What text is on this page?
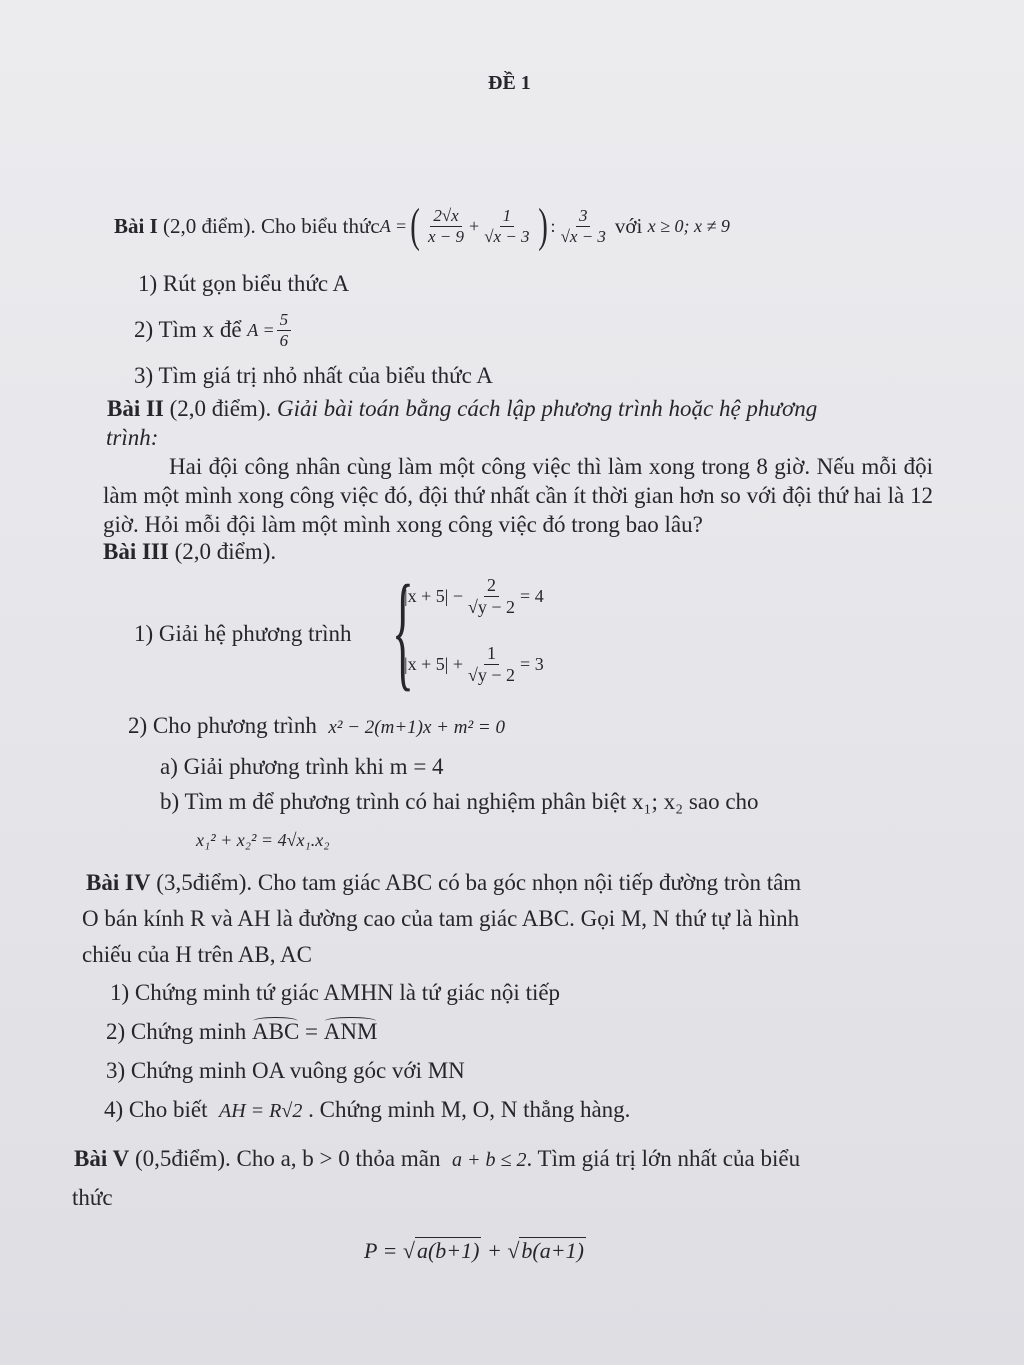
ĐỀ 1
Bài I
(2,0 điểm).
Cho biểu thức A = ( $\frac{2√x}{x - 9} + \frac{1}{√x - 3}$ ) : $\frac{3}{√x - 3}$ với
x ≥ 0; x ≠ 9
1) Rút gọn biểu thức A
2) Tìm x để
$A = \frac{5}{6}$
3) Tìm giá trị nhỏ nhất của biểu thức A
Bài II (2,0 điểm). Giải bài toán bằng cách lập phương trình hoặc hệ phương
trình:
Hai đội công nhân cùng làm một công việc thì làm xong trong 8 giờ. Nếu mỗi đội làm một mình xong công việc đó, đội thứ nhất cần ít thời gian hơn so với đội thứ hai là 12 giờ. Hỏi mỗi đội làm một mình xong công việc đó trong bao lâu?
Bài III (2,0 điểm).
1) Giải hệ phương trình {
$|x + 5| - \frac{2}{√y - 2} = 4$
$|x + 5| + \frac{1}{√y - 2} = 3$
2) Cho phương trình x² − 2(m+1)x + m² = 0
a) Giải phương trình khi m = 4
b) Tìm m để phương trình có hai nghiệm phân biệt x₁; x₂ sao cho
x₁² + x₂² = 4√x₁.x₂
Bài IV (3,5điểm). Cho tam giác ABC có ba góc nhọn nội tiếp đường tròn tâm
O bán kính R và AH là đường cao của tam giác ABC. Gọi M, N thứ tự là hình
chiếu của H trên AB, AC
1) Chứng minh tứ giác AMHN là tứ giác nội tiếp
2) Chứng minh ABC = ANM
3) Chứng minh OA vuông góc với MN
4) Cho biết AH = R√2 . Chứng minh M, O, N thẳng hàng.
Bài V (0,5điểm). Cho a, b > 0 thỏa mãn a + b ≤ 2. Tìm giá trị lớn nhất của biểu
thức
P = √a(b+1) + √b(a+1)
